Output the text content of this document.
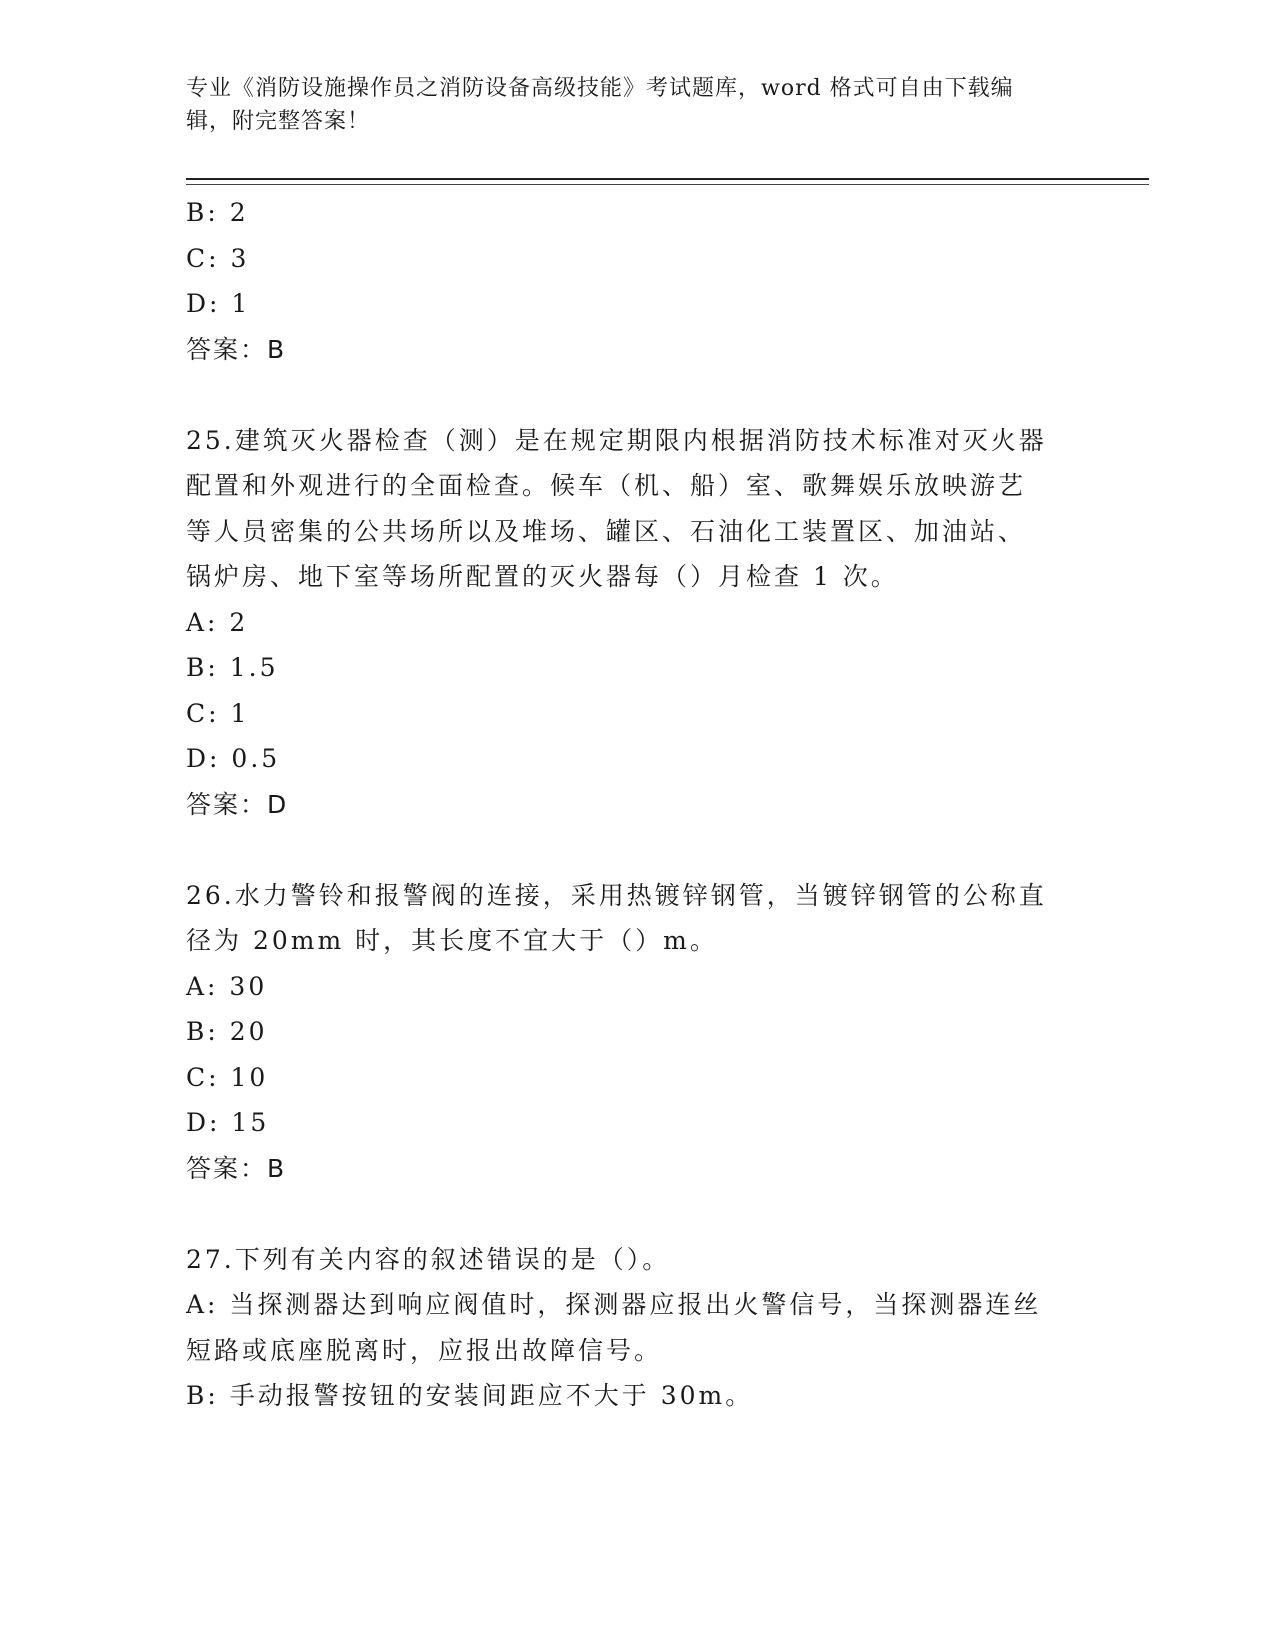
专业《消防设施操作员之消防设备高级技能》考试题库，word 格式可自由下载编
辑，附完整答案！
B: 2
C: 3
D: 1
答案：B
25.建筑灭火器检查（测）是在规定期限内根据消防技术标准对灭火器
配置和外观进行的全面检查。候车（机、船）室、歌舞娱乐放映游艺
等人员密集的公共场所以及堆场、罐区、石油化工装置区、加油站、
锅炉房、地下室等场所配置的灭火器每（）月检查 1 次。
A: 2
B: 1.5
C: 1
D: 0.5
答案：D
26.水力警铃和报警阀的连接，采用热镀锌钢管，当镀锌钢管的公称直
径为 20mm 时，其长度不宜大于（）m。
A: 30
B: 20
C: 10
D: 15
答案：B
27.下列有关内容的叙述错误的是（）。
A: 当探测器达到响应阀值时，探测器应报出火警信号，当探测器连丝
短路或底座脱离时，应报出故障信号。
B: 手动报警按钮的安装间距应不大于 30m。
